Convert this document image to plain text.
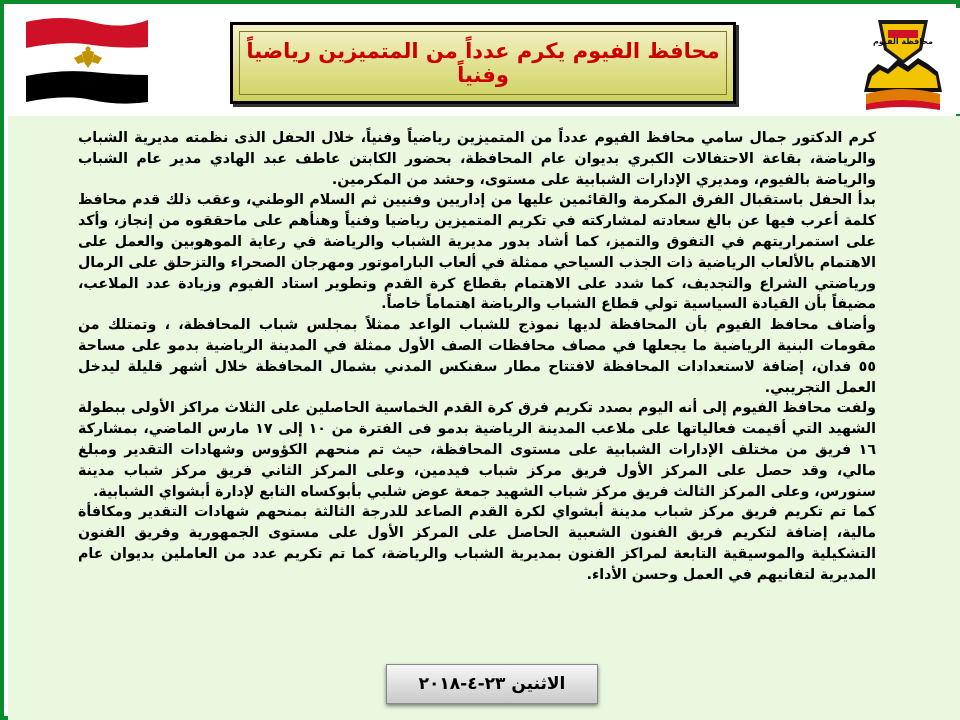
محافظ الفيوم يكرم عدداً من المتميزين رياضياً وفنياً
محافظة الفيوم

كرم الدكتور جمال سامي محافظ الفيوم عدداً من المتميزين رياضياً وفنياً، خلال الحفل الذى نظمته مديرية الشباب والرياضة، بقاعة الاحتفالات الكبري بديوان عام المحافظة، بحضور الكابتن عاطف عبد الهادي مدير عام الشباب والرياضة بالفيوم، ومديري الإدارات الشبابية على مستوى، وحشد من المكرمين.

بدأ الحفل باستقبال الفرق المكرمة والقائمين عليها من إداريين وفنيين ثم السلام الوطني، وعقب ذلك قدم محافظ كلمة أعرب فيها عن بالغ سعادته لمشاركته في تكريم المتميزين رياضيا وفنياً وهنأهم على ماحققوه من إنجاز، وأكد على استمراريتهم في التفوق والتميز، كما أشاد بدور مديرية الشباب والرياضة في رعاية الموهوبين والعمل على الاهتمام بالألعاب الرياضية ذات الجذب السياحي ممثلة في ألعاب الباراموتور ومهرجان الصحراء والتزحلق على الرمال ورياضتي الشراع والتجديف، كما شدد على الاهتمام بقطاع كرة القدم وتطوير استاد الفيوم وزيادة عدد الملاعب، مضيفاً بأن القيادة السياسية تولي قطاع الشباب والرياضة اهتماماً خاصاً.

وأضاف محافظ الفيوم بأن المحافظة لديها نموذج للشباب الواعد ممثلاً بمجلس شباب المحافظة، ، وتمتلك من مقومات البنية الرياضية ما يجعلها في مصاف محافظات الصف الأول ممثلة في المدينة الرياضية بدمو على مساحة ٥٥ فدان، إضافة لاستعدادات المحافظة لافتتاح مطار سفنكس المدني بشمال المحافظة خلال أشهر قليلة ليدخل العمل التجريبي.

ولفت محافظ الفيوم إلى أنه اليوم بصدد تكريم فرق كرة القدم الخماسية الحاصلين على الثلاث مراكز الأولى ببطولة الشهيد التي أقيمت فعالياتها على ملاعب المدينة الرياضية بدمو فى الفترة من ١٠ إلى ١٧ مارس الماضي، بمشاركة ١٦ فريق من مختلف الإدارات الشبابية على مستوى المحافظة، حيث تم منحهم الكؤوس وشهادات التقدير ومبلغ مالي، وقد حصل على المركز الأول فريق مركز شباب فيدمين، وعلى المركز الثاني فريق مركز شباب مدينة سنورس، وعلى المركز الثالث فريق مركز شباب الشهيد جمعة عوض شلبي بأبوكساه التابع لإدارة أبشواي الشبابية.

كما تم تكريم فريق مركز شباب مدينة أبشواي لكرة القدم الصاعد للدرجة الثالثة بمنحهم شهادات التقدير ومكافأة مالية، إضافة لتكريم فريق الفنون الشعبية الحاصل على المركز الأول على مستوى الجمهورية وفريق الفنون التشكيلية والموسيقية التابعة لمراكز الفنون بمديرية الشباب والرياضة، كما تم تكريم عدد من العاملين بديوان عام المديرية لتفانيهم في العمل وحسن الأداء.

الاثنين ٢٣-٤-٢٠١٨
